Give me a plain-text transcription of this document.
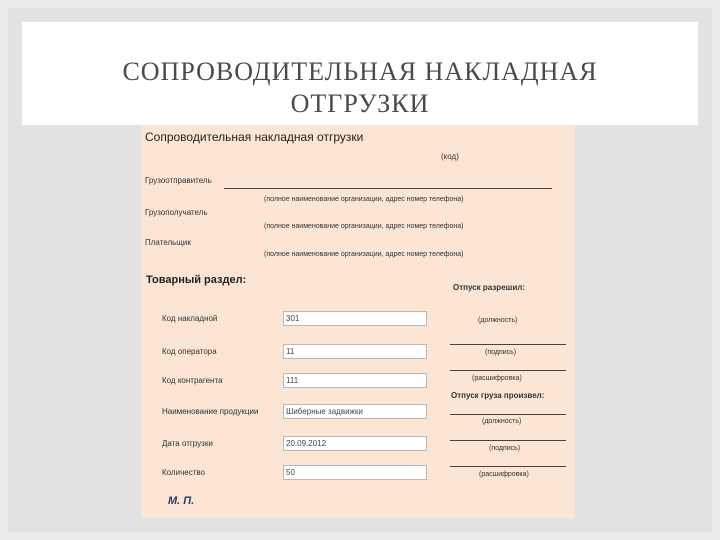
СОПРОВОДИТЕЛЬНАЯ НАКЛАДНАЯ
ОТГРУЗКИ
Сопроводительная накладная отгрузки
(код)
Грузоотправитель
(полное наименование организации, адрес номер телефона)
Грузополучатель
(полное наименование организации, адрес номер телефона)
Плательщик
(полное наименование организации, адрес номер телефона)
Товарный раздел:
Отпуск разрешил:
Код накладной	301
Код оператора	11
Код контрагента	111
Наименование продукции	Шиберные задвижки
Дата отгрузки	20.09.2012
Количество	50
(должность)
(подпись)
(расшифровка)
Отпуск груза произвел:
(должность)
(подпись)
(расшифровка)
М. П.
